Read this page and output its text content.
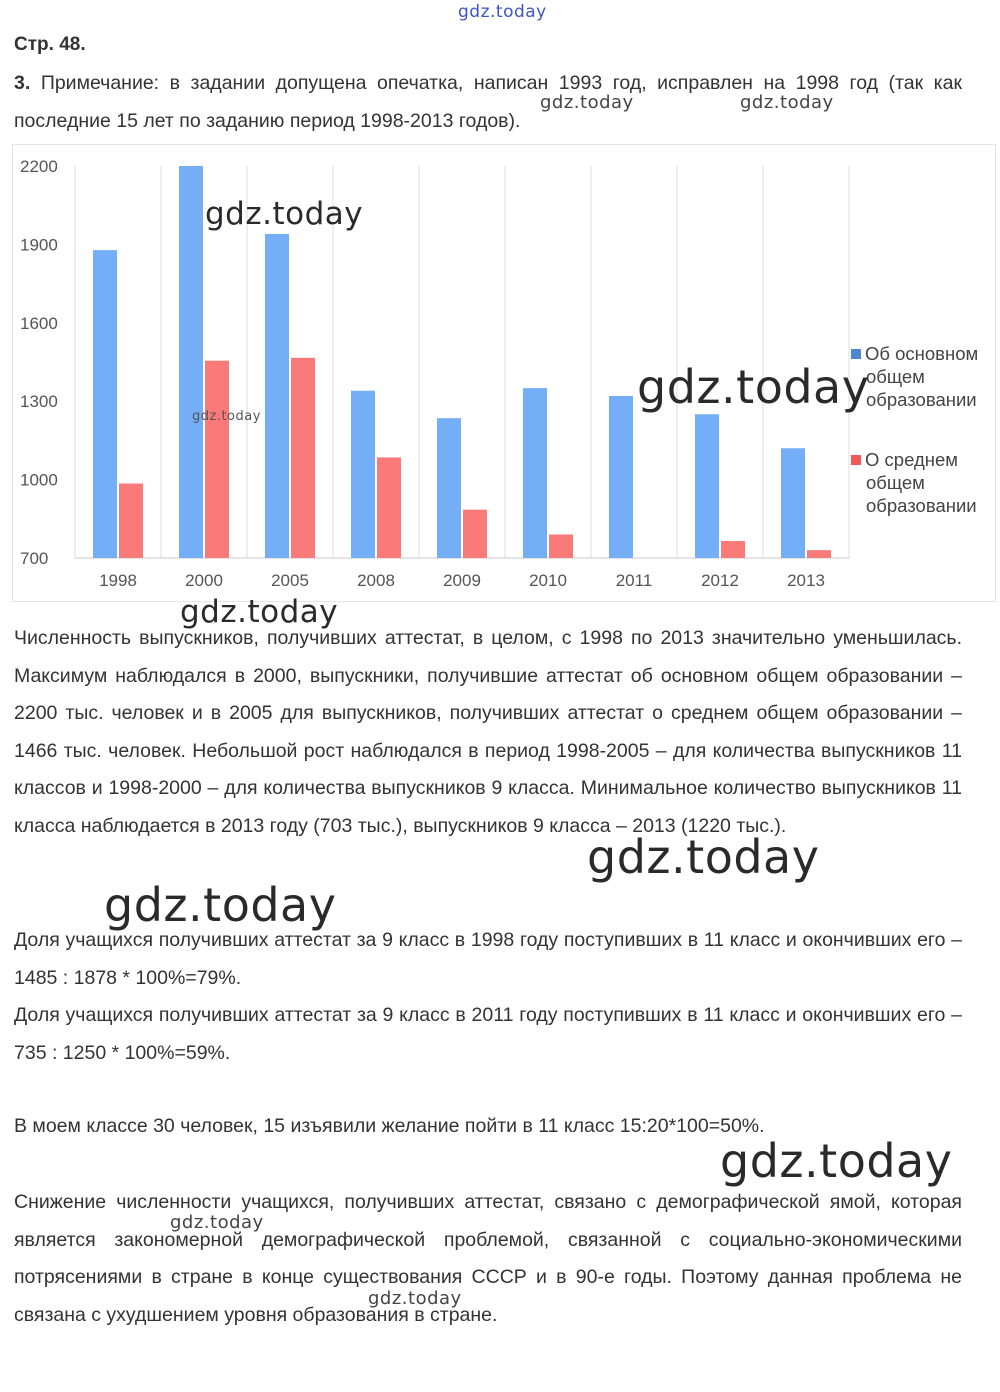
gdz.today
Стр. 48.
3. Примечание: в задании допущена опечатка, написан 1993 год, исправлен на 1998 год (так как последние 15 лет по заданию период 1998-2013 годов).
700
1000
1300
1600
1900
2200
1998	2000	2005	2008	2009	2010	2011	2012	2013
Об основном
общем
образовании
О среднем
общем
образовании
Численность выпускников, получивших аттестат, в целом, с 1998 по 2013 значительно уменьшилась. Максимум наблюдался в 2000, выпускники, получившие аттестат об основном общем образовании – 2200 тыс. человек и в 2005 для выпускников, получивших аттестат о среднем общем образовании – 1466 тыс. человек. Небольшой рост наблюдался в период 1998-2005 – для количества выпускников 11 классов и 1998-2000 – для количества выпускников 9 класса. Минимальное количество выпускников 11 класса наблюдается в 2013 году (703 тыс.), выпускников 9 класса – 2013 (1220 тыс.).
Доля учащихся получивших аттестат за 9 класс в 1998 году поступивших в 11 класс и окончивших его – 1485 : 1878 * 100%=79%.
Доля учащихся получивших аттестат за 9 класс в 2011 году поступивших в 11 класс и окончивших его – 735 : 1250 * 100%=59%.
В моем классе 30 человек, 15 изъявили желание пойти в 11 класс 15:20*100=50%.
Снижение численности учащихся, получивших аттестат, связано с демографической ямой, которая является закономерной демографической проблемой, связанной с социально-экономическими потрясениями в стране в конце существования СССР и в 90-е годы. Поэтому данная проблема не связана с ухудшением уровня образования в стране.
gdz.today	gdz.today
gdz.today
gdz.today
gdz.today
gdz.today
gdz.today
gdz.today
gdz.today
gdz.today
gdz.today
